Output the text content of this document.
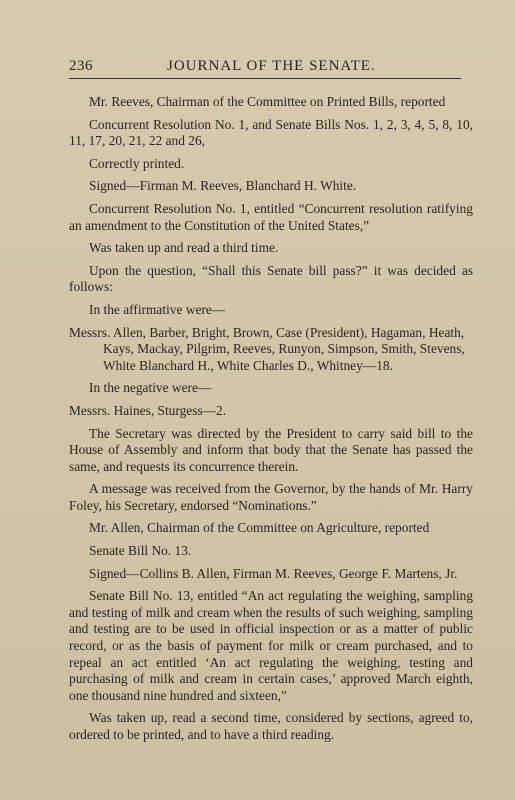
236	JOURNAL OF THE SENATE.

Mr. Reeves, Chairman of the Committee on Printed Bills, reported

Concurrent Resolution No. 1, and Senate Bills Nos. 1, 2, 3, 4, 5, 8, 10, 11, 17, 20, 21, 22 and 26,

Correctly printed.

Signed—Firman M. Reeves, Blanchard H. White.

Concurrent Resolution No. 1, entitled “Concurrent resolution ratifying an amendment to the Constitution of the United States,”

Was taken up and read a third time.

Upon the question, “Shall this Senate bill pass?” it was decided as follows:

In the affirmative were—

Messrs. Allen, Barber, Bright, Brown, Case (President), Hagaman, Heath, Kays, Mackay, Pilgrim, Reeves, Runyon, Simpson, Smith, Stevens, White Blanchard H., White Charles D., Whitney—18.

In the negative were—

Messrs. Haines, Sturgess—2.

The Secretary was directed by the President to carry said bill to the House of Assembly and inform that body that the Senate has passed the same, and requests its concurrence therein.

A message was received from the Governor, by the hands of Mr. Harry Foley, his Secretary, endorsed “Nominations.”

Mr. Allen, Chairman of the Committee on Agriculture, reported

Senate Bill No. 13.

Signed—Collins B. Allen, Firman M. Reeves, George F. Martens, Jr.

Senate Bill No. 13, entitled “An act regulating the weighing, sampling and testing of milk and cream when the results of such weighing, sampling and testing are to be used in official inspection or as a matter of public record, or as the basis of payment for milk or cream purchased, and to repeal an act entitled ‘An act regulating the weighing, testing and purchasing of milk and cream in certain cases,’ approved March eighth, one thousand nine hundred and sixteen,”

Was taken up, read a second time, considered by sections, agreed to, ordered to be printed, and to have a third reading.
